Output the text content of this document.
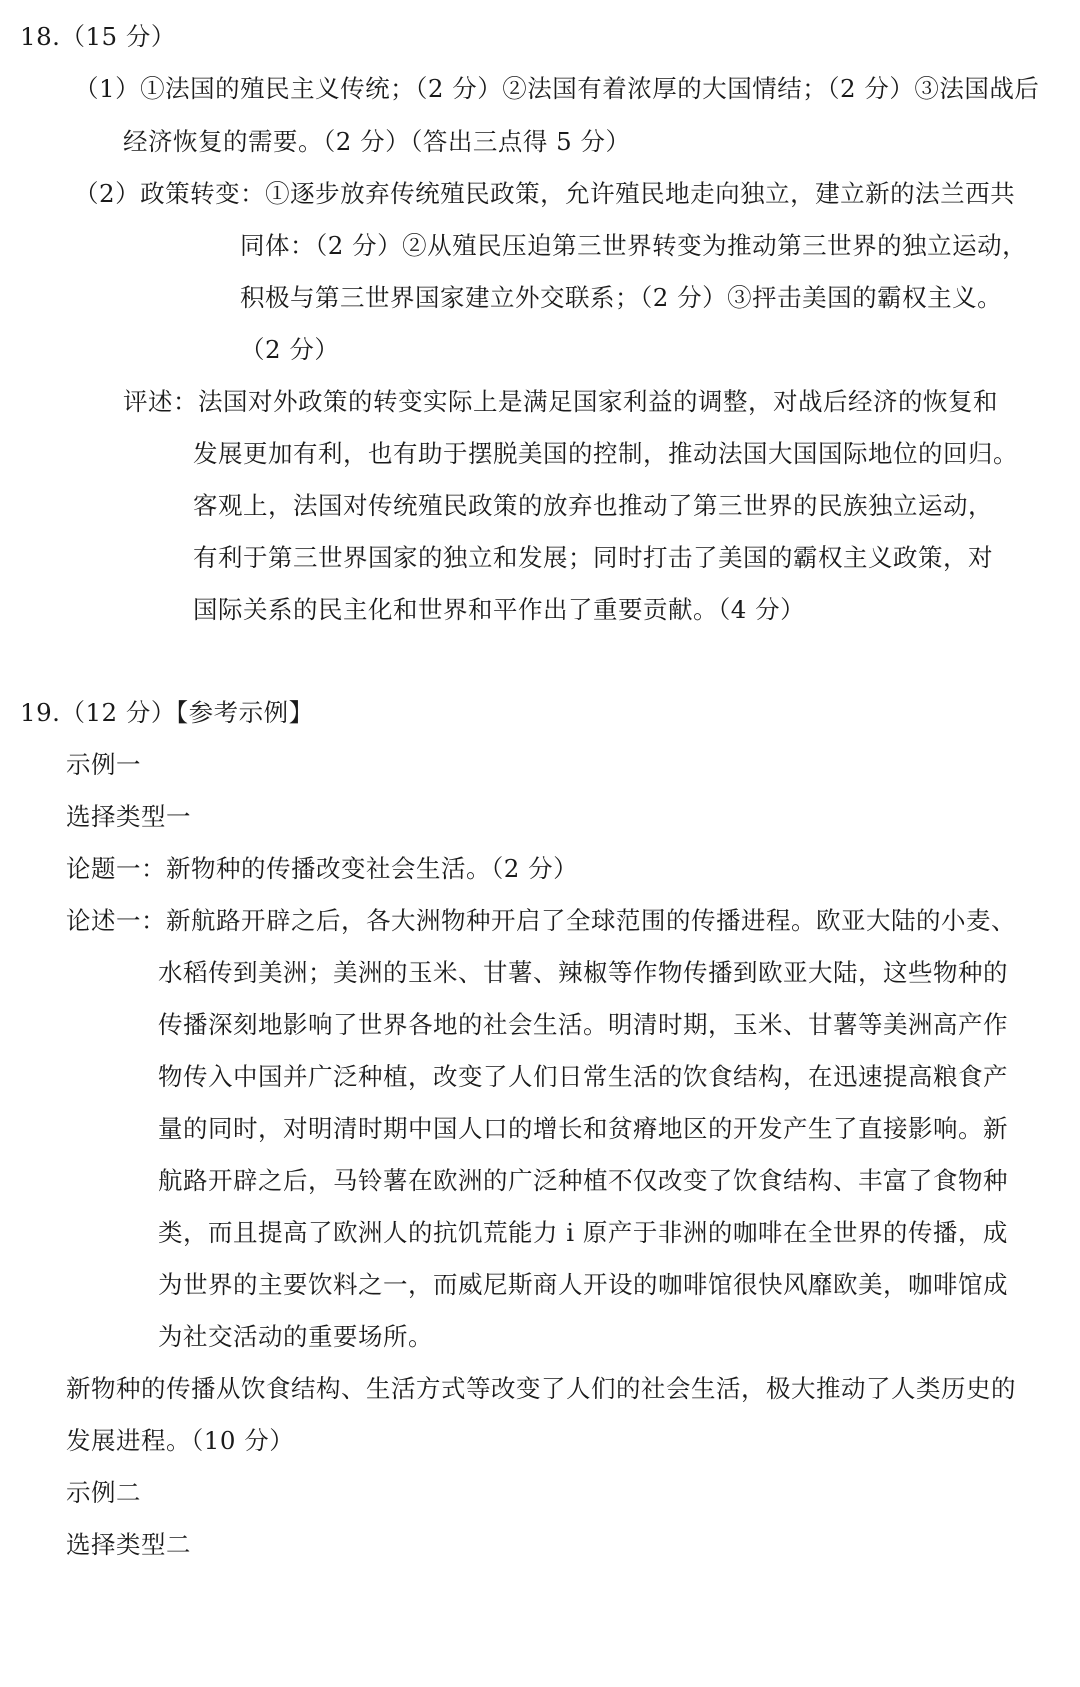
18.（15 分）
（1）①法国的殖民主义传统；（2 分）②法国有着浓厚的大国情结；（2 分）③法国战后
经济恢复的需要。（2 分）（答出三点得 5 分）
（2）政策转变：①逐步放弃传统殖民政策，允许殖民地走向独立，建立新的法兰西共
同体：（2 分）②从殖民压迫第三世界转变为推动第三世界的独立运动，
积极与第三世界国家建立外交联系；（2 分）③抨击美国的霸权主义。
（2 分）
评述：法国对外政策的转变实际上是满足国家利益的调整，对战后经济的恢复和
发展更加有利，也有助于摆脱美国的控制，推动法国大国国际地位的回归。
客观上，法国对传统殖民政策的放弃也推动了第三世界的民族独立运动，
有利于第三世界国家的独立和发展；同时打击了美国的霸权主义政策，对
国际关系的民主化和世界和平作出了重要贡献。（4 分）
19.（12 分）【参考示例】
示例一
选择类型一
论题一：新物种的传播改变社会生活。（2 分）
论述一：新航路开辟之后，各大洲物种开启了全球范围的传播进程。欧亚大陆的小麦、
水稻传到美洲；美洲的玉米、甘薯、辣椒等作物传播到欧亚大陆，这些物种的
传播深刻地影响了世界各地的社会生活。明清时期，玉米、甘薯等美洲高产作
物传入中国并广泛种植，改变了人们日常生活的饮食结构，在迅速提高粮食产
量的同时，对明清时期中国人口的增长和贫瘠地区的开发产生了直接影响。新
航路开辟之后，马铃薯在欧洲的广泛种植不仅改变了饮食结构、丰富了食物种
类，而且提高了欧洲人的抗饥荒能力 i 原产于非洲的咖啡在全世界的传播，成
为世界的主要饮料之一，而威尼斯商人开设的咖啡馆很快风靡欧美，咖啡馆成
为社交活动的重要场所。
新物种的传播从饮食结构、生活方式等改变了人们的社会生活，极大推动了人类历史的
发展进程。（10 分）
示例二
选择类型二
